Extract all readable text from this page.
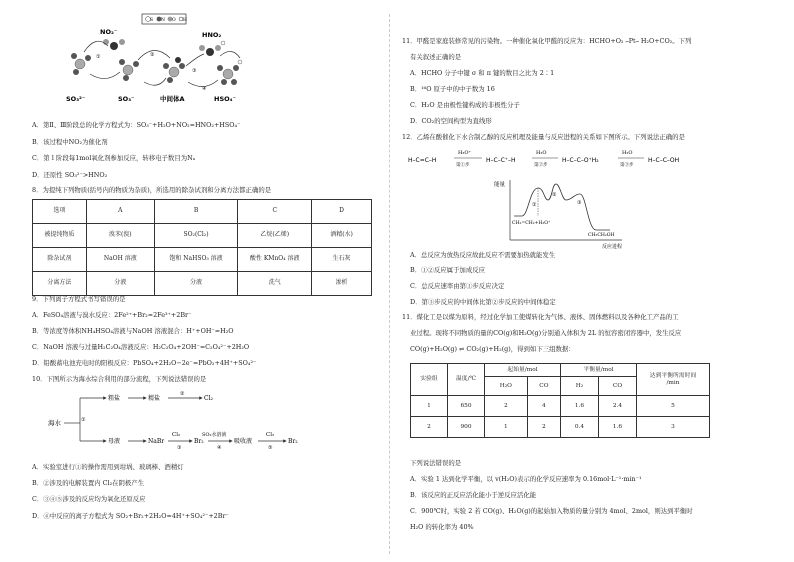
S N O H
NO₂⁻	HNO₂
SO₃²⁻	SO₃⁻	中间体A	HSO₄⁻
①	②
③
④
A．第Ⅱ、Ⅲ阶段总的化学方程式为：SO₃⁻+H₂O+NO₂=HNO₂+HSO₄⁻
B．该过程中NO₂为催化剂
C．第１阶段每1mol氧化剂参加反应，转移电子数目为Nₐ
D．还原性 SO₃²⁻>HNO₂
8．为提纯下列物质(括号内的物质为杂质)，所选用的除杂试剂和分离方法都正确的是
选项	A	B	C	D
被提纯物质	溴苯(溴)	SO₂(Cl₂)	乙烷(乙烯)	酒精(水)
除杂试剂	NaOH 溶液	饱和 NaHSO₃ 溶液	酸性 KMnO₄ 溶液	生石灰
分离方法	分液	分液	洗气	渗析
9．下列离子方程式书写错误的是
A．FeSO₄溶液与溴水反应：2Fe²⁺+Br₂=2Fe³⁺+2Br⁻
B．等浓度等体积NH₄HSO₄溶液与NaOH 溶液混合：H⁺+OH⁻=H₂O
C．NaOH 溶液与过量H₂C₂O₄溶液反应：H₂C₂O₄+2OH⁻=C₂O₄²⁻+2H₂O
D．铅酸蓄电池充电时的阳极反应：PbSO₄+2H₂O−2e⁻=PbO₂+4H⁺+SO₄²⁻
10．下图所示为海水综合利用的部分流程，下列说法错误的是
海水	①
粗盐	精盐
②
Cl₂
母液	NaBr
Cl₂
③
Br₂
SO₂水溶液
④
吸收液
Cl₂
⑤
Br₂
A．实验室进行①的操作需用到坩埚、玻璃棒、酒精灯
B．②涉及的电解装置内 Cl₂在阴极产生
C．③④⑤涉及的反应均为氧化还原反应
D．④中反应的离子方程式为 SO₂+Br₂+2H₂O=4H⁺+SO₄²⁻+2Br⁻
11．甲醛是家庭装修常见的污染物。一种催化氧化甲醛的反应为：HCHO+O₂ ⎯Pt⎯ H₂O+CO₂。下列
有关叙述正确的是
A．HCHO 分子中键 σ 和 π 键的数目之比为 2∶1
B．¹⁶O 原子中的中子数为 16
C．H₂O 是由极性键构成的非极性分子
D．CO₂的空间构型为直线形
12．乙烯在酸催化下水合制乙醇的反应机理及能量与反应进程的关系如下图所示。下列说法正确的是
H–C=C–H
H₃O⁺
第①步
H–C–C⁺–H
H₂O
第②步
H–C–C–O⁺H₂
H₂O
第③步
H–C–C–OH
能量
反应进程
①
②
③
CH₂=CH₂+H₃O⁺
CH₃CH₂OH
A．总反应为放热反应故此反应不需要加热就能发生
B．①②反应属于加成反应
C．总反应速率由第①步反应决定
D．第③步反应的中间体比第②步反应的中间体稳定
11．煤化工是以煤为原料，经过化学加工使煤转化为气体、液体、固体燃料以及各种化工产品的工
业过程。现将不同物质的量的CO(g)和H₂O(g)分别通入体积为 2L 的恒容密闭容器中，发生反应
CO(g)+H₂O(g) ⇌ CO₂(g)+H₂(g)，得到如下三组数据：
实验组	温度/℃	起始量/mol		平衡量/mol		达到平衡所需时间
/min

		H₂O	CO	H₂	CO	
1	650	2	4	1.6	2.4	5
2	900	1	2	0.4	1.6	3
下列说法错误的是
A．实验 1 达到化学平衡，以 v(H₂O)表示的化学反应速率为 0.16mol·L⁻¹·min⁻¹
B．该反应的正反应活化能小于逆反应活化能
C．900℃时，实验 2 若 CO(g)、H₂O(g)的起始加入物质的量分别为 4mol、2mol，则达到平衡时
H₂O 的转化率为 40%
